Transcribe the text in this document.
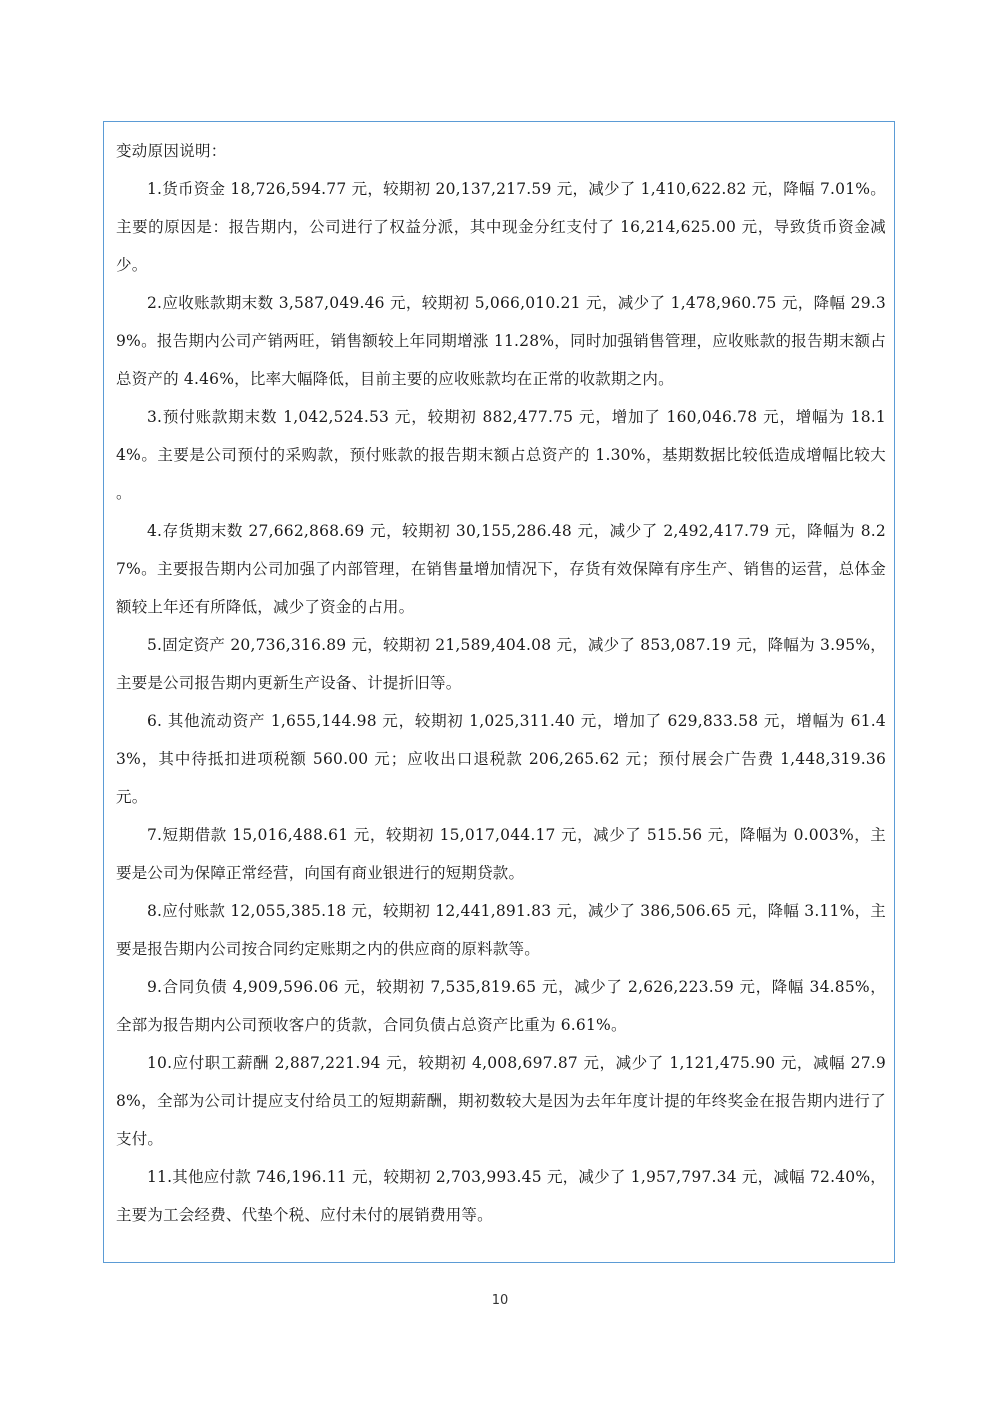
变动原因说明：

1.货币资金 18,726,594.77 元，较期初 20,137,217.59 元，减少了 1,410,622.82 元，降幅 7.01%。主要的原因是：报告期内，公司进行了权益分派，其中现金分红支付了 16,214,625.00 元，导致货币资金减少。

2.应收账款期末数 3,587,049.46 元，较期初 5,066,010.21 元，减少了 1,478,960.75 元，降幅 29.39%。报告期内公司产销两旺，销售额较上年同期增涨 11.28%，同时加强销售管理，应收账款的报告期末额占总资产的 4.46%，比率大幅降低，目前主要的应收账款均在正常的收款期之内。

3.预付账款期末数 1,042,524.53 元，较期初 882,477.75 元，增加了 160,046.78 元，增幅为 18.14%。主要是公司预付的采购款，预付账款的报告期末额占总资产的 1.30%，基期数据比较低造成增幅比较大 。

4.存货期末数 27,662,868.69 元，较期初 30,155,286.48 元，减少了 2,492,417.79 元，降幅为 8.27%。主要报告期内公司加强了内部管理，在销售量增加情况下，存货有效保障有序生产、销售的运营，总体金额较上年还有所降低，减少了资金的占用。

5.固定资产 20,736,316.89 元，较期初 21,589,404.08 元，减少了 853,087.19 元，降幅为 3.95%，主要是公司报告期内更新生产设备、计提折旧等。

6. 其他流动资产 1,655,144.98 元，较期初 1,025,311.40 元，增加了 629,833.58 元，增幅为 61.43%，其中待抵扣进项税额 560.00 元；应收出口退税款 206,265.62 元；预付展会广告费 1,448,319.36 元。

7.短期借款 15,016,488.61 元，较期初 15,017,044.17 元，减少了 515.56 元，降幅为 0.003%，主要是公司为保障正常经营，向国有商业银进行的短期贷款。

8.应付账款 12,055,385.18 元，较期初 12,441,891.83 元，减少了 386,506.65 元，降幅 3.11%，主要是报告期内公司按合同约定账期之内的供应商的原料款等。

9.合同负债 4,909,596.06 元，较期初 7,535,819.65 元，减少了 2,626,223.59 元，降幅 34.85%，全部为报告期内公司预收客户的货款，合同负债占总资产比重为 6.61%。

10.应付职工薪酬 2,887,221.94 元，较期初 4,008,697.87 元，减少了 1,121,475.90 元，减幅 27.98%，全部为公司计提应支付给员工的短期薪酬，期初数较大是因为去年年度计提的年终奖金在报告期内进行了支付。

11.其他应付款 746,196.11 元，较期初 2,703,993.45 元，减少了 1,957,797.34 元，减幅 72.40%，主要为工会经费、代垫个税、应付未付的展销费用等。

10
